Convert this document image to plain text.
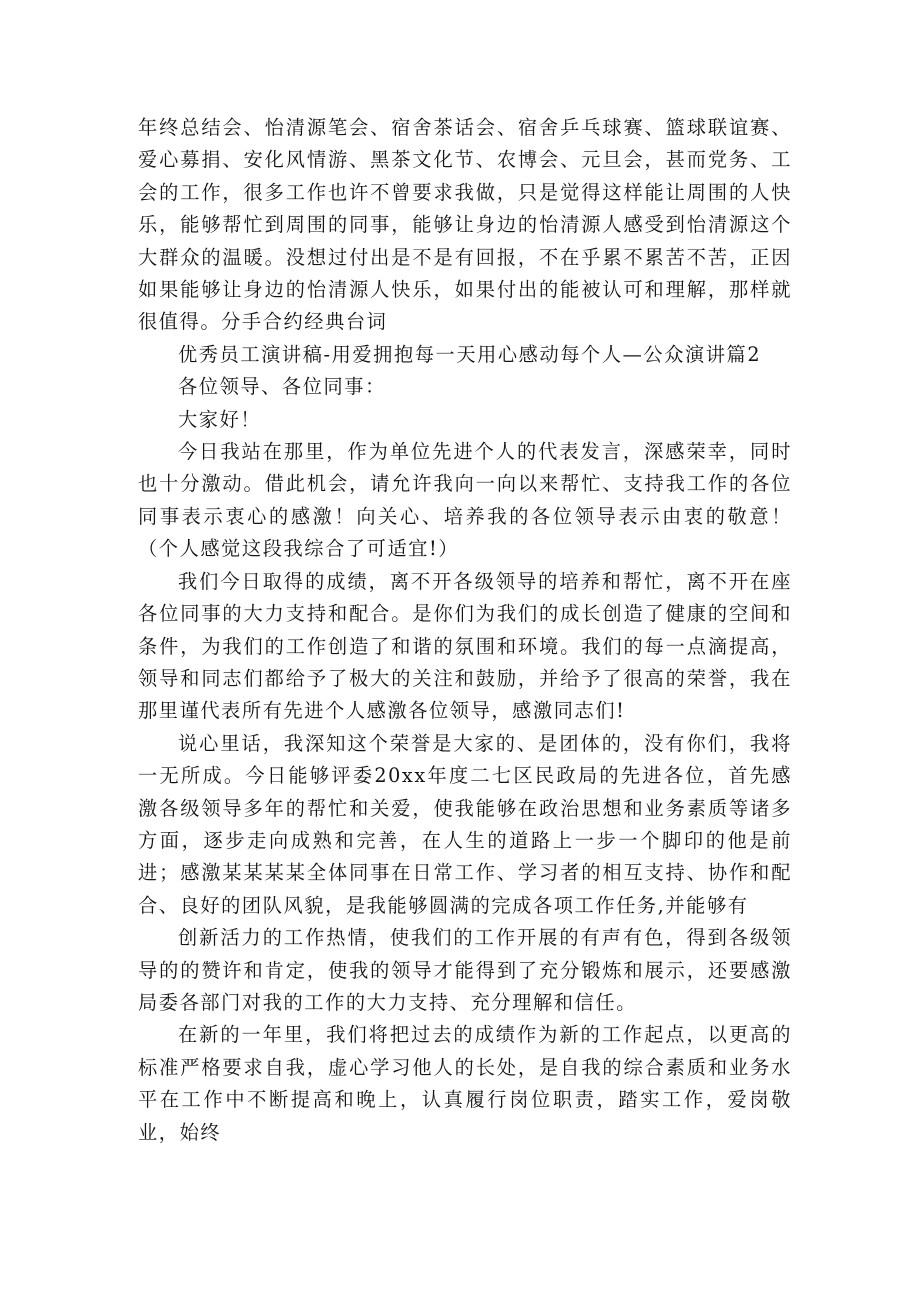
年终总结会、怡清源笔会、宿舍茶话会、宿舍乒乓球赛、篮球联谊赛、爱心募捐、安化风情游、黑茶文化节、农博会、元旦会，甚而党务、工会的工作，很多工作也许不曾要求我做，只是觉得这样能让周围的人快乐，能够帮忙到周围的同事，能够让身边的怡清源人感受到怡清源这个大群众的温暖。没想过付出是不是有回报，不在乎累不累苦不苦，正因如果能够让身边的怡清源人快乐，如果付出的能被认可和理解，那样就很值得。分手合约经典台词

优秀员工演讲稿-用爱拥抱每一天用心感动每个人—公众演讲篇2

各位领导、各位同事：

大家好！

今日我站在那里，作为单位先进个人的代表发言，深感荣幸，同时也十分激动。借此机会，请允许我向一向以来帮忙、支持我工作的各位同事表示衷心的感激！向关心、培养我的各位领导表示由衷的敬意！（个人感觉这段我综合了可适宜!）

我们今日取得的成绩，离不开各级领导的培养和帮忙，离不开在座各位同事的大力支持和配合。是你们为我们的成长创造了健康的空间和条件，为我们的工作创造了和谐的氛围和环境。我们的每一点滴提高，领导和同志们都给予了极大的关注和鼓励，并给予了很高的荣誉，我在那里谨代表所有先进个人感激各位领导，感激同志们!

说心里话，我深知这个荣誉是大家的、是团体的，没有你们，我将一无所成。今日能够评委20xx年度二七区民政局的先进各位，首先感激各级领导多年的帮忙和关爱，使我能够在政治思想和业务素质等诸多方面，逐步走向成熟和完善，在人生的道路上一步一个脚印的他是前进；感激某某某某全体同事在日常工作、学习者的相互支持、协作和配合、良好的团队风貌，是我能够圆满的完成各项工作任务,并能够有

创新活力的工作热情，使我们的工作开展的有声有色，得到各级领导的的赞许和肯定，使我的领导才能得到了充分锻炼和展示，还要感激局委各部门对我的工作的大力支持、充分理解和信任。

在新的一年里，我们将把过去的成绩作为新的工作起点，以更高的标准严格要求自我，虚心学习他人的长处，是自我的综合素质和业务水平在工作中不断提高和晚上，认真履行岗位职责，踏实工作，爱岗敬业，始终
